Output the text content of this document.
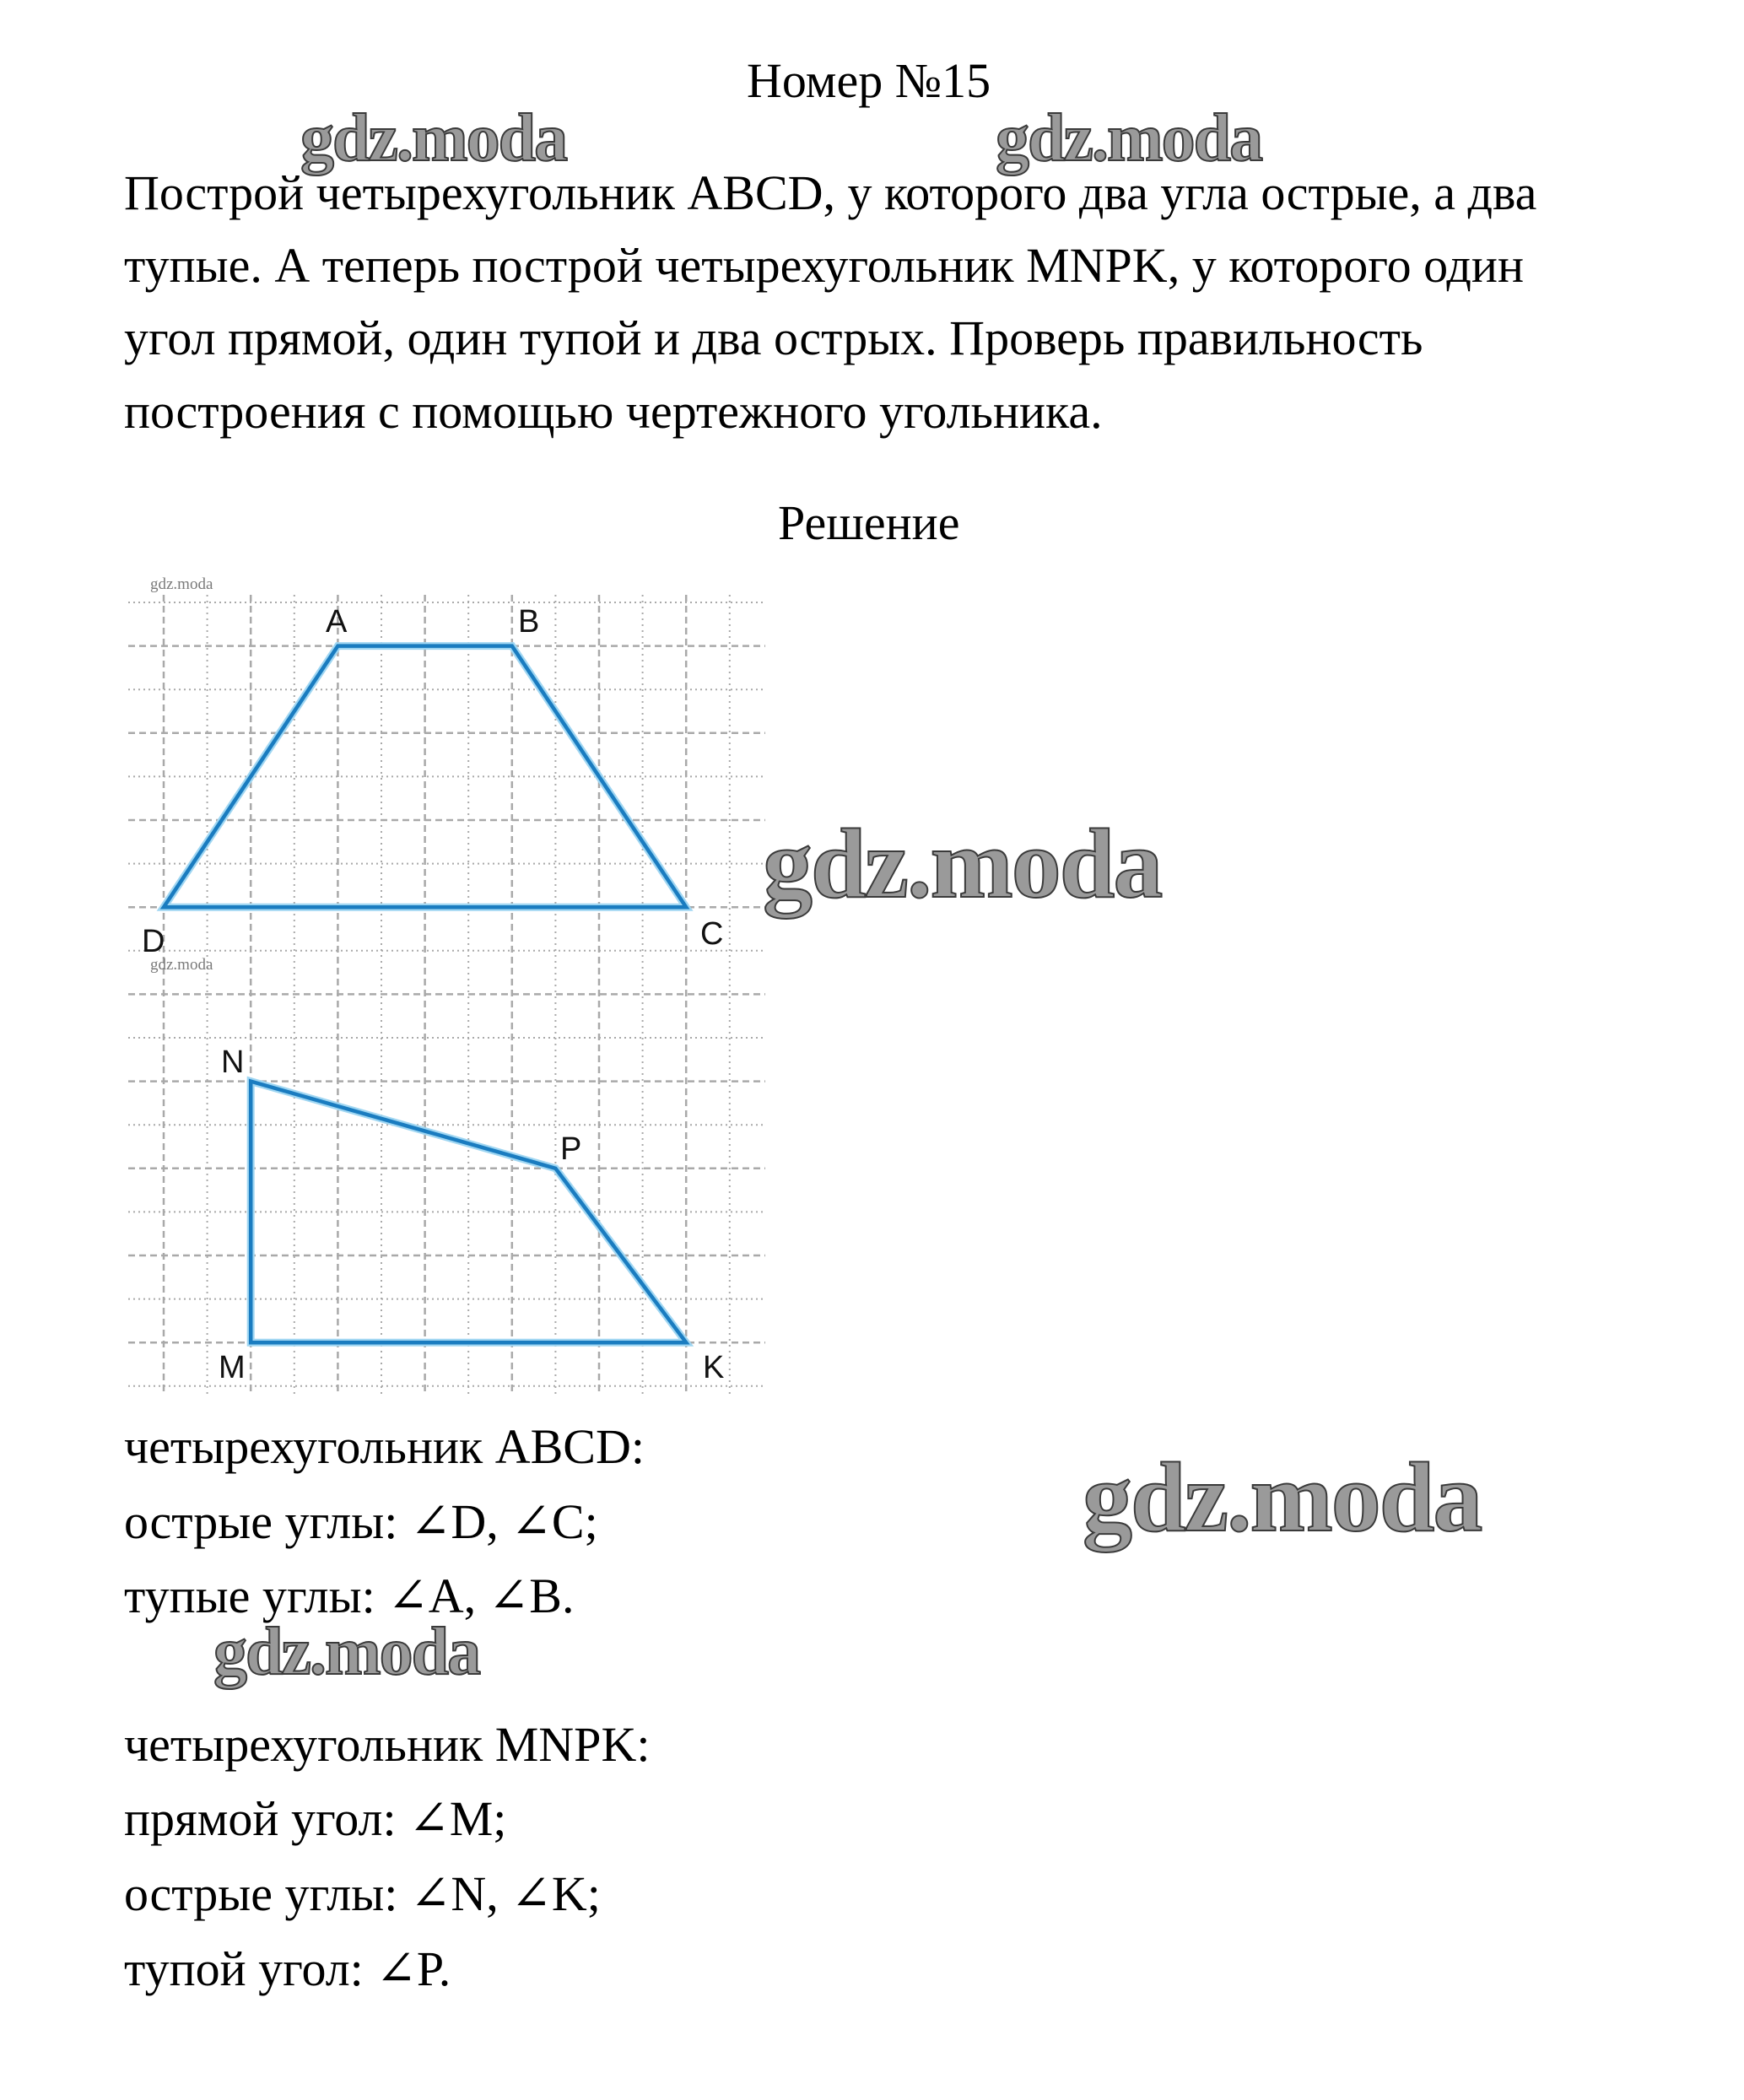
Номер №15
gdz.moda	gdz.moda
Построй четырехугольник ABCD, у которого два угла острые, а два
тупые. А теперь построй четырехугольник MNPK, у которого один
угол прямой, один тупой и два острых. Проверь правильность
построения с помощью чертежного угольника.
Решение
A	B
C
D
N
P
M	K
gdz.moda
gdz.moda
gdz.moda
четырехугольник ABCD:
острые углы: ∠D, ∠C;
тупые углы: ∠A, ∠B.
gdz.moda
gdz.moda
четырехугольник MNPK:
прямой угол: ∠M;
острые углы: ∠N, ∠K;
тупой угол: ∠P.
